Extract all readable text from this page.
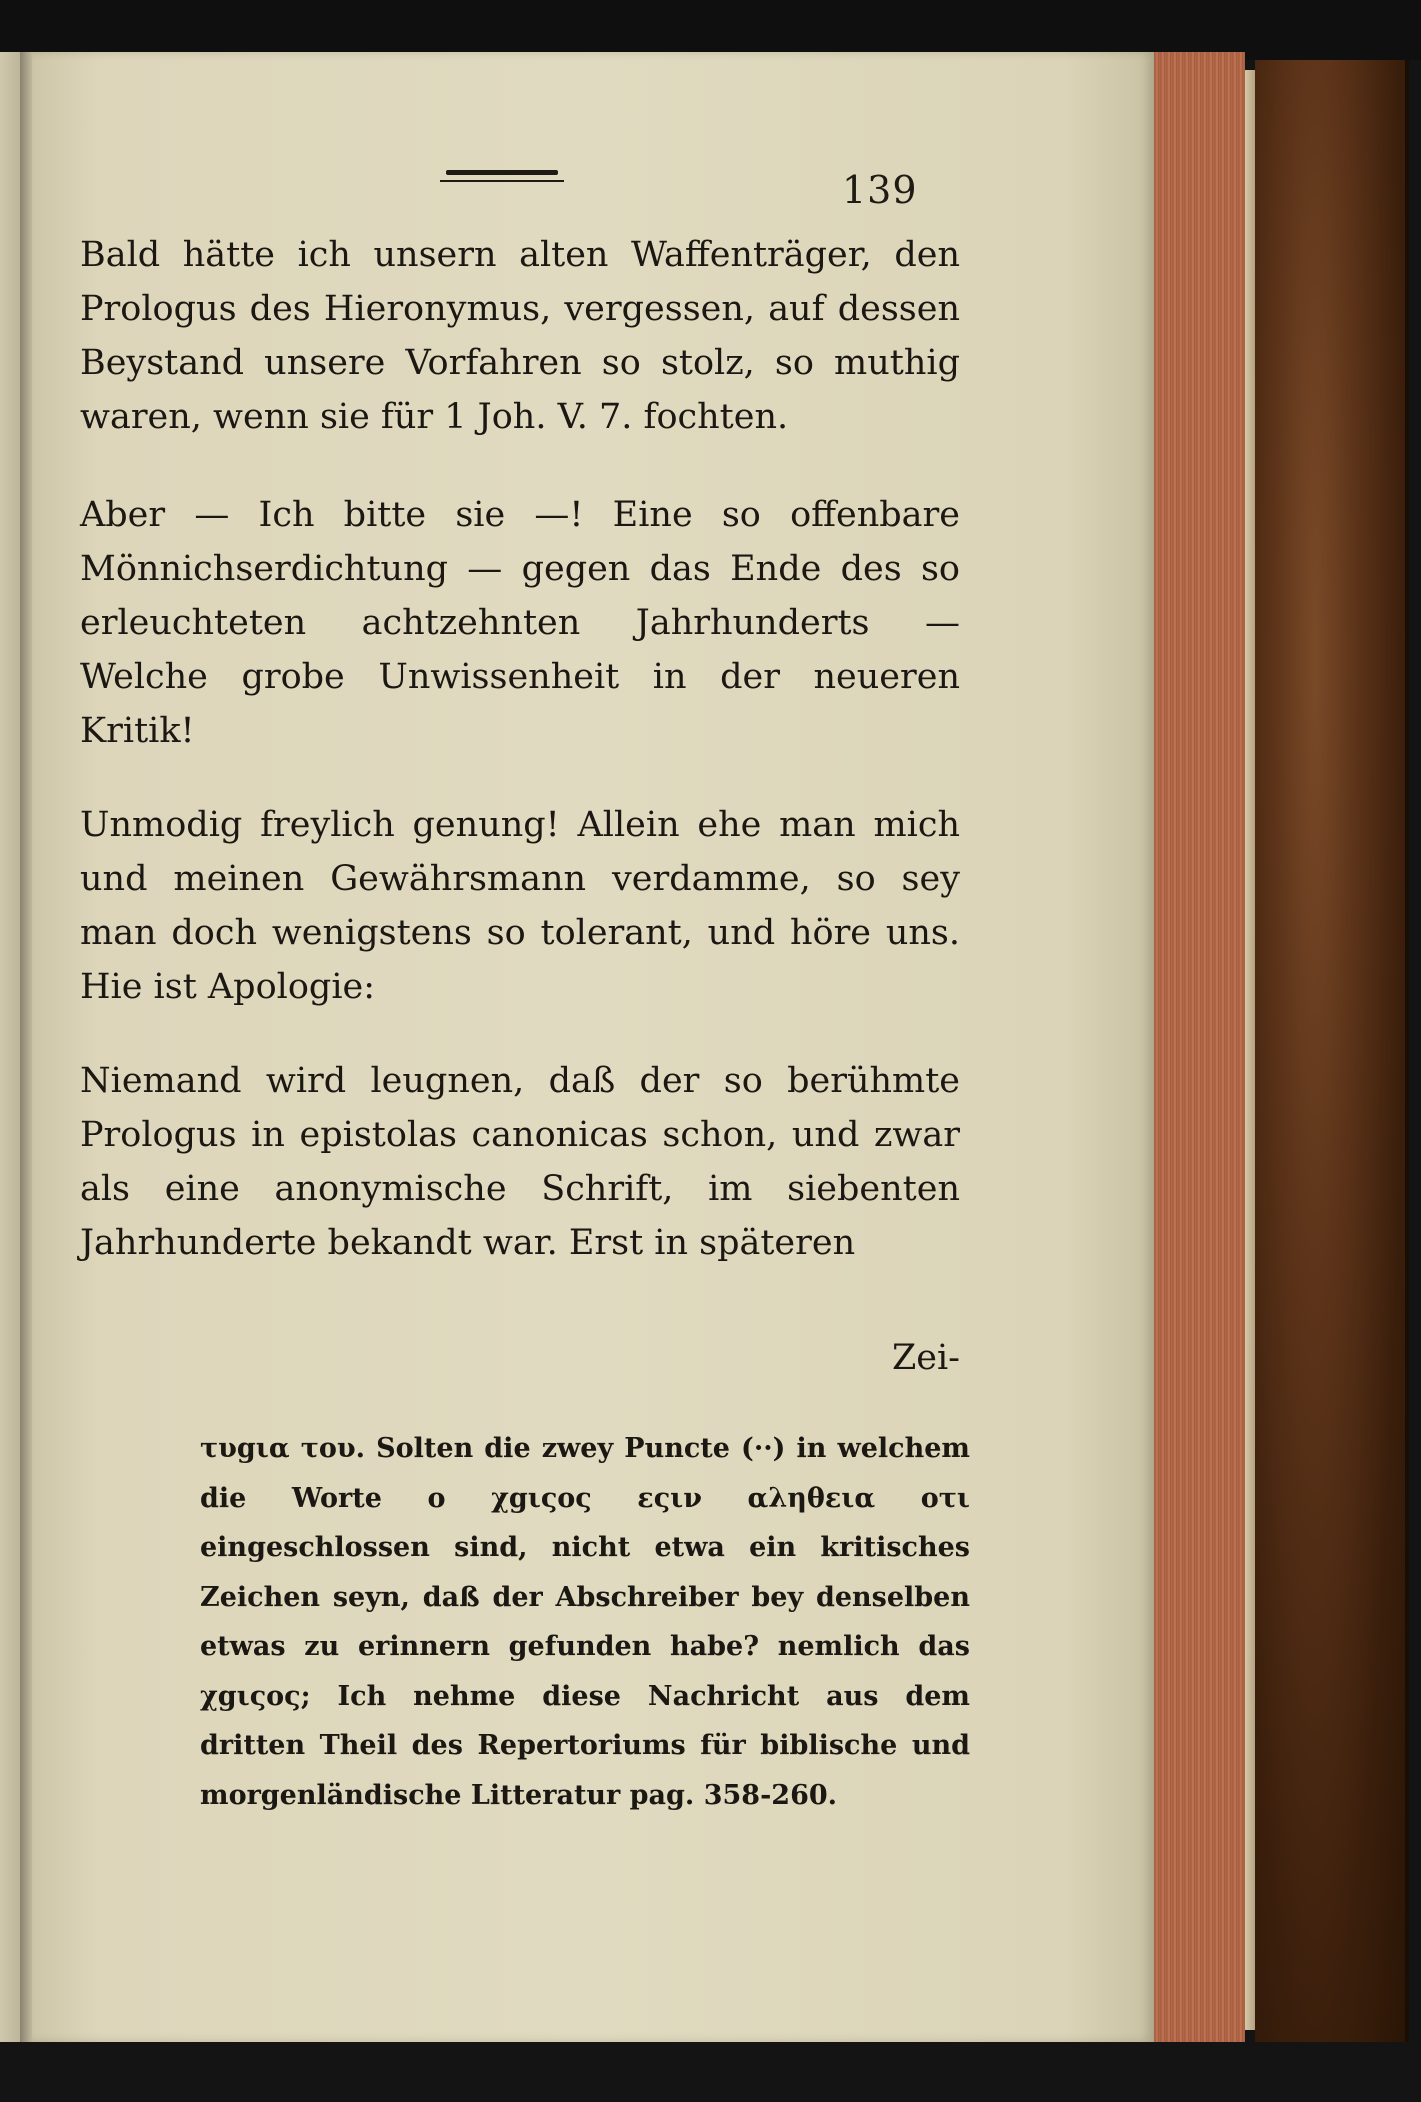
139

Bald hätte ich unsern alten Waffenträger, den Prologus des Hieronymus, vergessen, auf dessen Beystand unsere Vorfahren so stolz, so muthig waren, wenn sie für 1 Joh. V. 7. fochten.

Aber — Ich bitte sie —! Eine so offenbare Mönnichserdichtung — gegen das Ende des so erleuchteten achtzehnten Jahrhunderts — Welche grobe Unwissenheit in der neueren Kritik!

Unmodig freylich genung! Allein ehe man mich und meinen Gewährsmann verdamme, so sey man doch wenigstens so tolerant, und höre uns. Hie ist Apologie:

Niemand wird leugnen, daß der so berühmte Prologus in epistolas canonicas schon, und zwar als eine anonymische Schrift, im siebenten Jahrhunderte bekandt war. Erst in späteren

Zei-
τυgια του. Solten die zwey Puncte (··) in welchem die Worte ο χgιςος εςιν αληθεια οτι eingeschlossen sind, nicht etwa ein kritisches Zeichen seyn, daß der Abschreiber bey denselben etwas zu erinnern gefunden habe? nemlich das χgιςος; Ich nehme diese Nachricht aus dem dritten Theil des Repertoriums für biblische und morgenländische Litteratur pag. 358-260.
